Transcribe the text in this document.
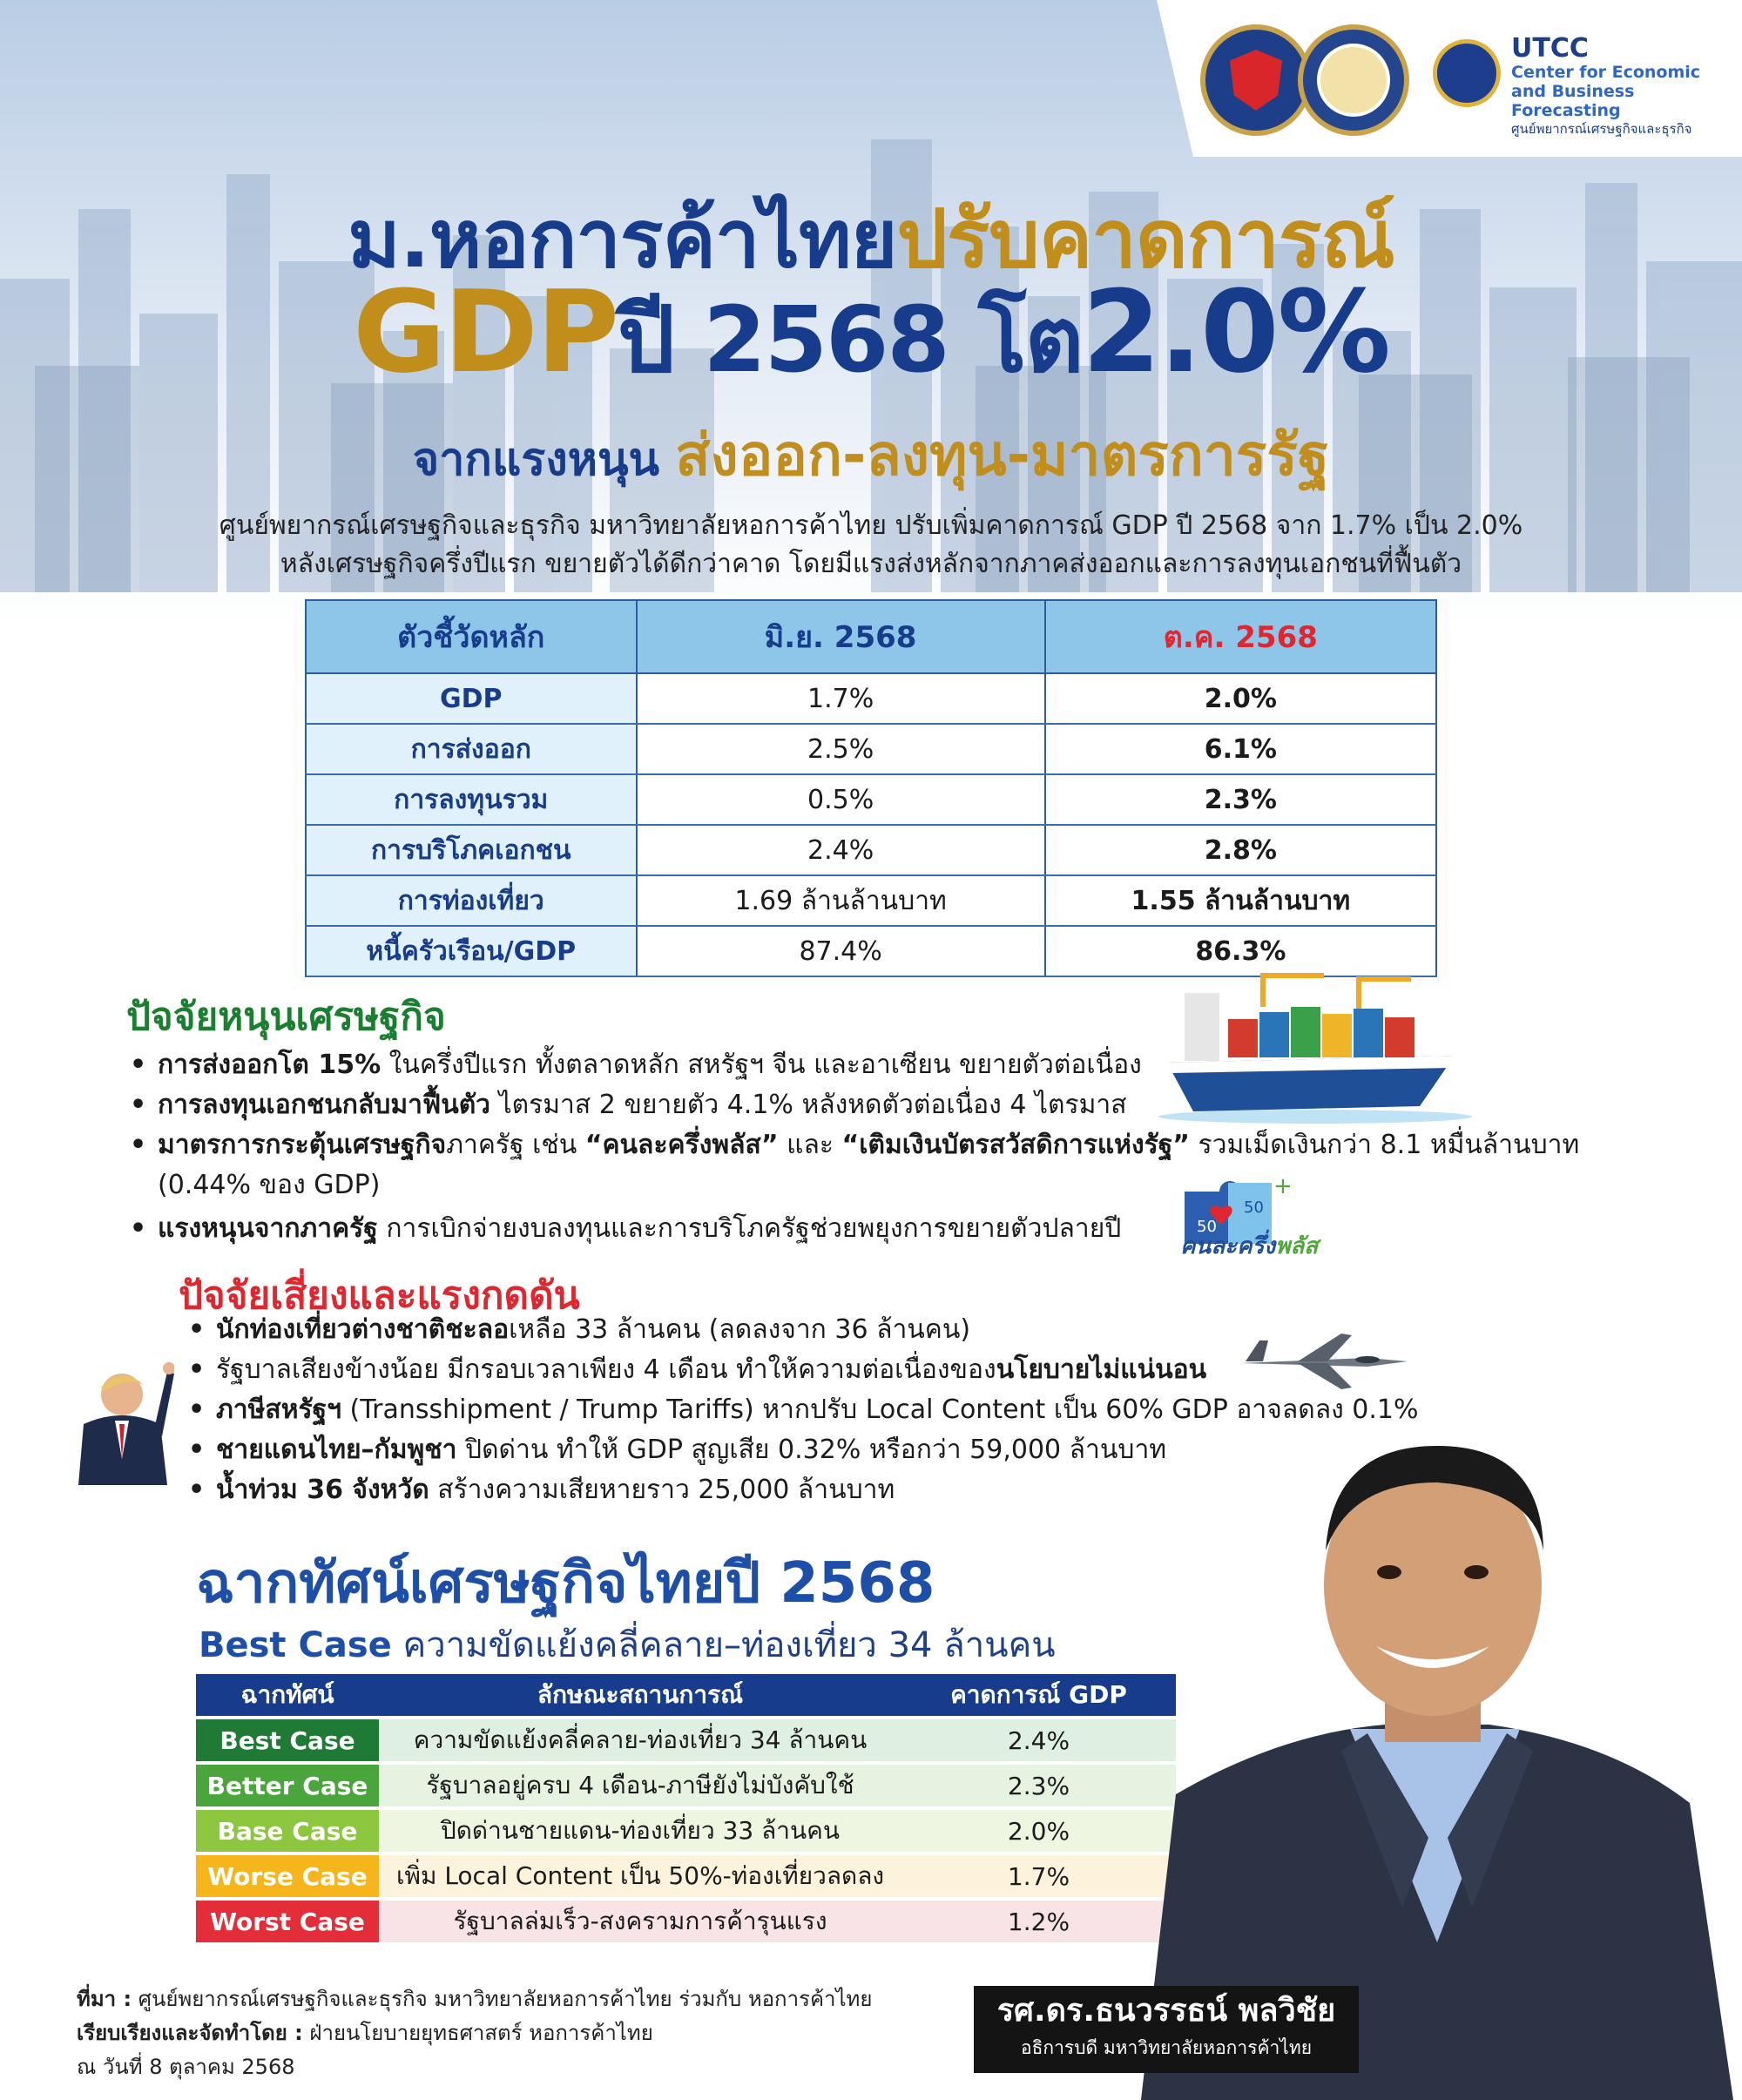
UTCC
Center for Economic
and Business Forecasting
ศูนย์พยากรณ์เศรษฐกิจและธุรกิจ
ม.หอการค้าไทยปรับคาดการณ์
GDPปี 2568 โต2.0%
จากแรงหนุน ส่งออก-ลงทุน-มาตรการรัฐ
ศูนย์พยากรณ์เศรษฐกิจและธุรกิจ มหาวิทยาลัยหอการค้าไทย ปรับเพิ่มคาดการณ์ GDP ปี 2568 จาก 1.7% เป็น 2.0%
หลังเศรษฐกิจครึ่งปีแรก ขยายตัวได้ดีกว่าคาด โดยมีแรงส่งหลักจากภาคส่งออกและการลงทุนเอกชนที่ฟื้นตัว
ตัวชี้วัดหลัก	มิ.ย. 2568	ต.ค. 2568
GDP	1.7%	2.0%
การส่งออก	2.5%	6.1%
การลงทุนรวม	0.5%	2.3%
การบริโภคเอกชน	2.4%	2.8%
การท่องเที่ยว	1.69 ล้านล้านบาท	1.55 ล้านล้านบาท
หนี้ครัวเรือน/GDP	87.4%	86.3%
ปัจจัยหนุนเศรษฐกิจ
• การส่งออกโต 15% ในครึ่งปีแรก ทั้งตลาดหลัก สหรัฐฯ จีน และอาเซียน ขยายตัวต่อเนื่อง
• การลงทุนเอกชนกลับมาฟื้นตัว ไตรมาส 2 ขยายตัว 4.1% หลังหดตัวต่อเนื่อง 4 ไตรมาส
• มาตรการกระตุ้นเศรษฐกิจภาครัฐ เช่น “คนละครึ่งพลัส” และ “เติมเงินบัตรสวัสดิการแห่งรัฐ” รวมเม็ดเงินกว่า 8.1 หมื่นล้านบาท
(0.44% ของ GDP)
• แรงหนุนจากภาครัฐ การเบิกจ่ายงบลงทุนและการบริโภครัฐช่วยพยุงการขยายตัวปลายปี	50
50
+
คนละครึ่งพลัส
ปัจจัยเสี่ยงและแรงกดดัน
• นักท่องเที่ยวต่างชาติชะลอเหลือ 33 ล้านคน (ลดลงจาก 36 ล้านคน)
• รัฐบาลเสียงข้างน้อย มีกรอบเวลาเพียง 4 เดือน ทำให้ความต่อเนื่องของนโยบายไม่แน่นอน
• ภาษีสหรัฐฯ (Transshipment / Trump Tariffs) หากปรับ Local Content เป็น 60% GDP อาจลดลง 0.1%
• ชายแดนไทย–กัมพูชา ปิดด่าน ทำให้ GDP สูญเสีย 0.32% หรือกว่า 59,000 ล้านบาท
• น้ำท่วม 36 จังหวัด สร้างความเสียหายราว 25,000 ล้านบาท
ฉากทัศน์เศรษฐกิจไทยปี 2568
Best Case ความขัดแย้งคลี่คลาย–ท่องเที่ยว 34 ล้านคน
ฉากทัศน์	ลักษณะสถานการณ์	คาดการณ์ GDP
Best Case	ความขัดแย้งคลี่คลาย-ท่องเที่ยว 34 ล้านคน	2.4%
Better Case	รัฐบาลอยู่ครบ 4 เดือน-ภาษียังไม่บังคับใช้	2.3%
Base Case	ปิดด่านชายแดน-ท่องเที่ยว 33 ล้านคน	2.0%
Worse Case	เพิ่ม Local Content เป็น 50%-ท่องเที่ยวลดลง	1.7%
Worst Case	รัฐบาลล่มเร็ว-สงครามการค้ารุนแรง	1.2%
รศ.ดร.ธนวรรธน์ พลวิชัย
อธิการบดี มหาวิทยาลัยหอการค้าไทย
ที่มา : ศูนย์พยากรณ์เศรษฐกิจและธุรกิจ มหาวิทยาลัยหอการค้าไทย ร่วมกับ หอการค้าไทย
เรียบเรียงและจัดทำโดย : ฝ่ายนโยบายยุทธศาสตร์ หอการค้าไทย
ณ วันที่ 8 ตุลาคม 2568
